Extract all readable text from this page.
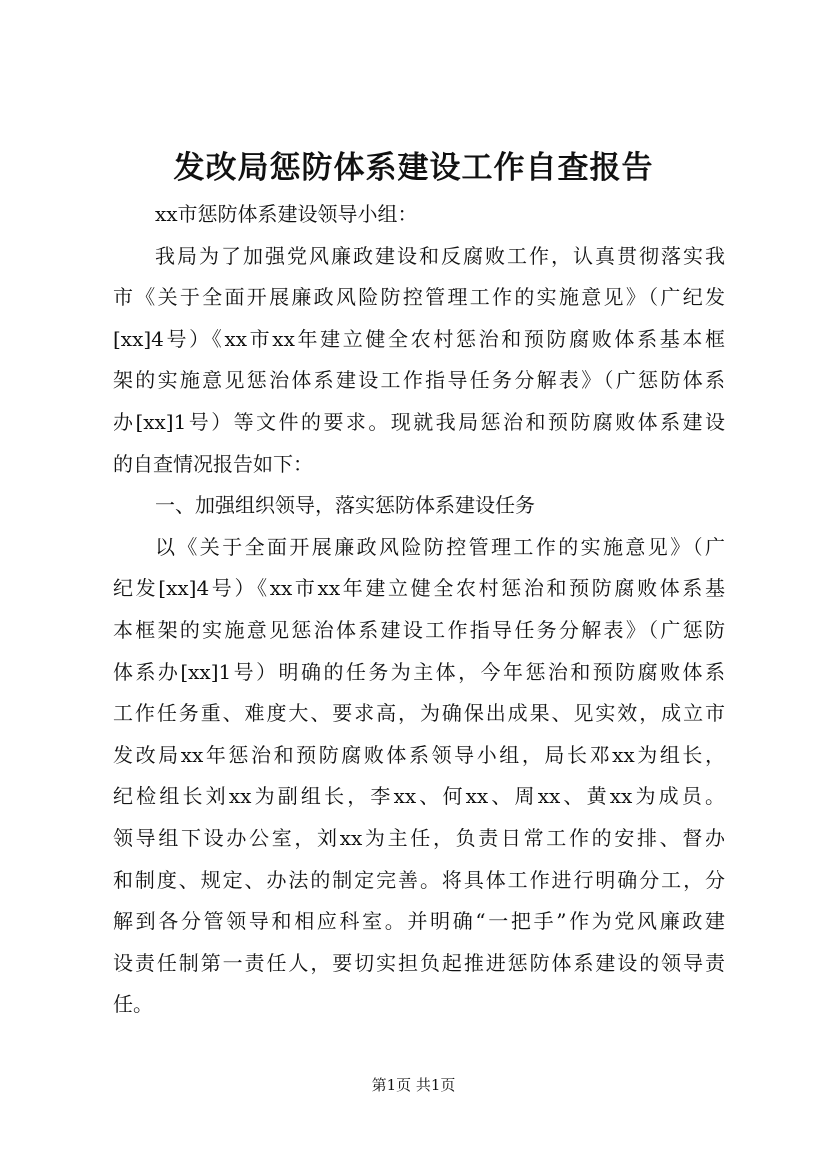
发改局惩防体系建设工作自查报告
xx市惩防体系建设领导小组：
我局为了加强党风廉政建设和反腐败工作，认真贯彻落实我
市《关于全面开展廉政风险防控管理工作的实施意见》（广纪发
[xx]4号）《xx市xx年建立健全农村惩治和预防腐败体系基本框
架的实施意见惩治体系建设工作指导任务分解表》（广惩防体系
办[xx]1号）等文件的要求。现就我局惩治和预防腐败体系建设
的自查情况报告如下：
一、加强组织领导，落实惩防体系建设任务
以《关于全面开展廉政风险防控管理工作的实施意见》（广
纪发[xx]4号）《xx市xx年建立健全农村惩治和预防腐败体系基
本框架的实施意见惩治体系建设工作指导任务分解表》（广惩防
体系办[xx]1号）明确的任务为主体，今年惩治和预防腐败体系
工作任务重、难度大、要求高，为确保出成果、见实效，成立市
发改局xx年惩治和预防腐败体系领导小组，局长邓xx为组长，
纪检组长刘xx为副组长，李xx、何xx、周xx、黄xx为成员。
领导组下设办公室，刘xx为主任，负责日常工作的安排、督办
和制度、规定、办法的制定完善。将具体工作进行明确分工，分
解到各分管领导和相应科室。并明确“一把手”作为党风廉政建
设责任制第一责任人，要切实担负起推进惩防体系建设的领导责
任。
第1页 共1页
